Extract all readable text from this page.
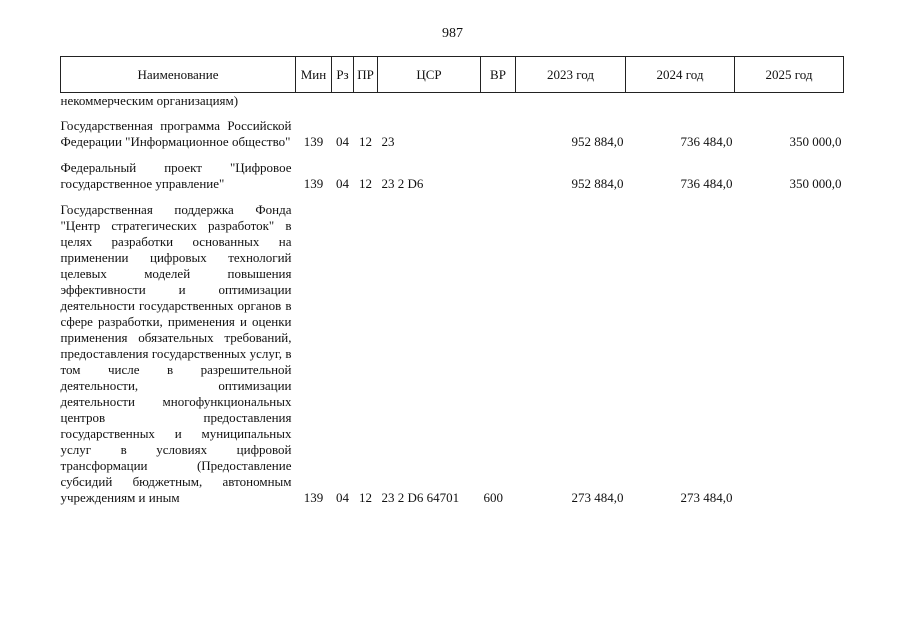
987
Наименование	Мин	Рз	ПР	ЦСР	ВР	2023 год	2024 год	2025 год
некоммерческим организациям)								

Государственная программа Российской Федерации "Информационное общество"	139	04	12	23		952 884,0	736 484,0	350 000,0

Федеральный проект "Цифровое государственное управление"	139	04	12	23 2 D6		952 884,0	736 484,0	350 000,0

Государственная поддержка Фонда "Центр стратегических разработок" в целях разработки основанных на применении цифровых технологий целевых моделей повышения эффективности и оптимизации деятельности государственных органов в сфере разработки, применения и оценки применения обязательных требований, предоставления государственных услуг, в том числе в разрешительной деятельности, оптимизации деятельности многофункциональных центров предоставления государственных и муниципальных услуг в условиях цифровой трансформации (Предоставление субсидий бюджетным, автономным учреждениям и иным	139	04	12	23 2 D6 64701	600	273 484,0	273 484,0	
